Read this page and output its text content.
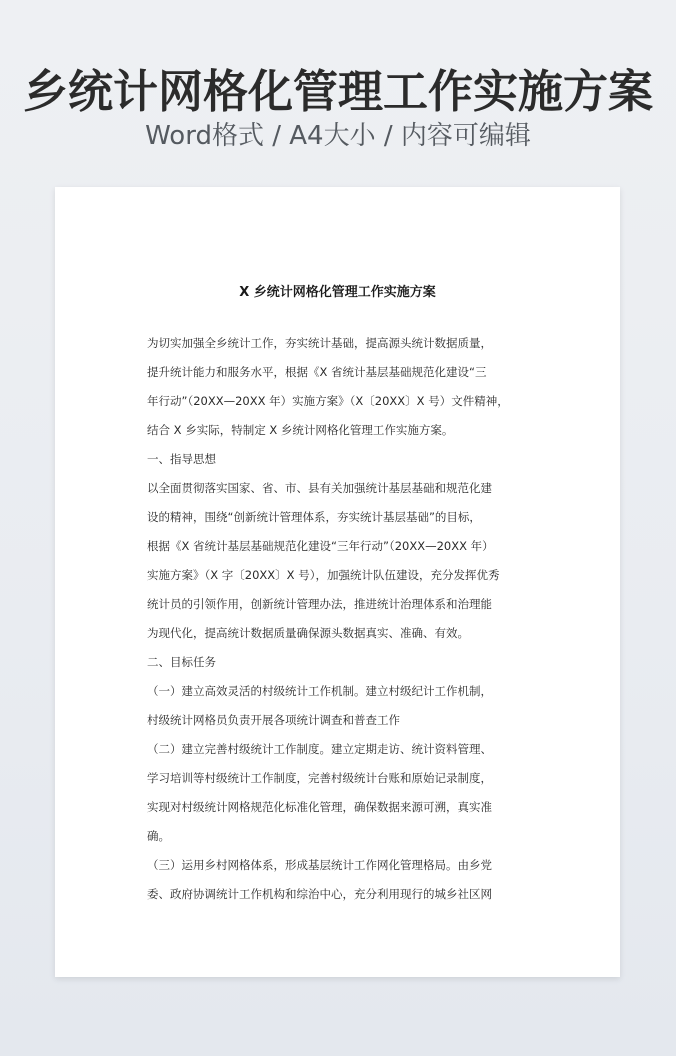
乡统计网格化管理工作实施方案
Word格式 / A4大小 / 内容可编辑
X 乡统计网格化管理工作实施方案
为切实加强全乡统计工作，夯实统计基础，提高源头统计数据质量，
提升统计能力和服务水平，根据《X 省统计基层基础规范化建设“三
年行动”（20XX—20XX 年）实施方案》（X〔20XX〕X 号）文件精神，
结合 X 乡实际，特制定 X 乡统计网格化管理工作实施方案。
一、指导思想
以全面贯彻落实国家、省、市、县有关加强统计基层基础和规范化建
设的精神，围绕“创新统计管理体系，夯实统计基层基础”的目标，
根据《X 省统计基层基础规范化建设“三年行动”（20XX—20XX 年）
实施方案》（X 字〔20XX〕X 号），加强统计队伍建设，充分发挥优秀
统计员的引领作用，创新统计管理办法，推进统计治理体系和治理能
为现代化，提高统计数据质量确保源头数据真实、准确、有效。
二、目标任务
（一）建立高效灵活的村级统计工作机制。建立村级纪计工作机制，
村级统计网格员负责开展各项统计调查和普查工作
（二）建立完善村级统计工作制度。建立定期走访、统计资料管理、
学习培训等村级统计工作制度，完善村级统计台账和原始记录制度，
实现对村级统计网格规范化标准化管理，确保数据来源可溯，真实准
确。
（三）运用乡村网格体系，形成基层统计工作网化管理格局。由乡党
委、政府协调统计工作机构和综治中心，充分利用现行的城乡社区网
